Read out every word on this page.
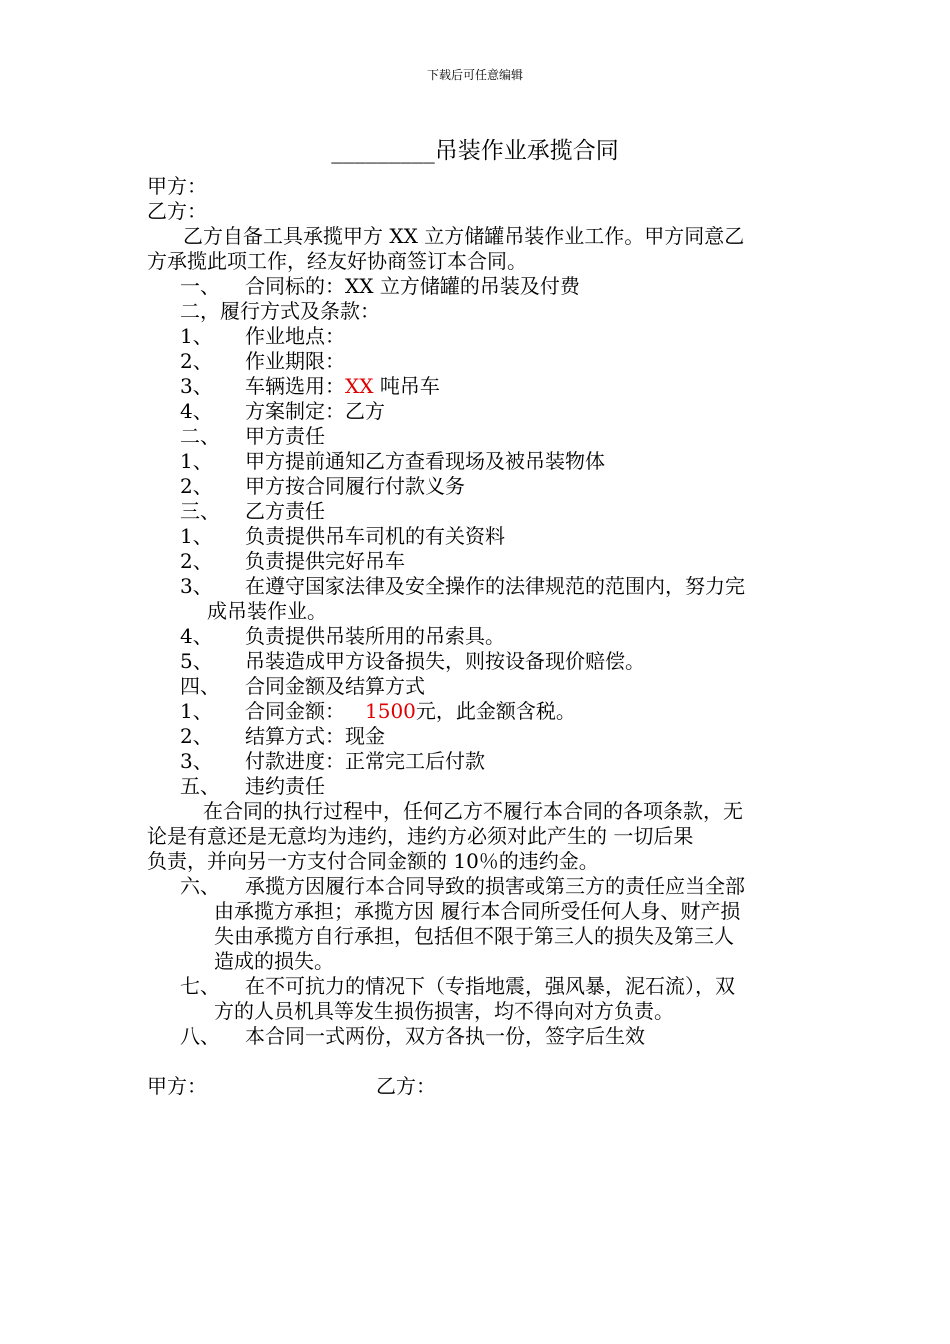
下载后可任意编辑
_________吊装作业承揽合同
甲方：
乙方：
乙方自备工具承揽甲方 XX 立方储罐吊装作业工作。甲方同意乙
方承揽此项工作，经友好协商签订本合同。
一、 合同标的：XX 立方储罐的吊装及付费
二，履行方式及条款：
1、 作业地点：
2、 作业期限：
3、 车辆选用：XX 吨吊车
4、 方案制定：乙方
二、 甲方责任
1、 甲方提前通知乙方查看现场及被吊装物体
2、 甲方按合同履行付款义务
三、 乙方责任
1、 负责提供吊车司机的有关资料
2、 负责提供完好吊车
3、 在遵守国家法律及安全操作的法律规范的范围内，努力完
成吊装作业。
4、 负责提供吊装所用的吊索具。
5、 吊装造成甲方设备损失，则按设备现价赔偿。
四、 合同金额及结算方式
1、 合同金额： 1500元，此金额含税。
2、 结算方式：现金
3、 付款进度：正常完工后付款
五、 违约责任
在合同的执行过程中，任何乙方不履行本合同的各项条款，无
论是有意还是无意均为违约，违约方必须对此产生的 一切后果
负责，并向另一方支付合同金额的 10％的违约金。
六、 承揽方因履行本合同导致的损害或第三方的责任应当全部
由承揽方承担；承揽方因 履行本合同所受任何人身、财产损
失由承揽方自行承担，包括但不限于第三人的损失及第三人
造成的损失。
七、 在不可抗力的情况下（专指地震，强风暴，泥石流），双
方的人员机具等发生损伤损害，均不得向对方负责。
八、 本合同一式两份，双方各执一份，签字后生效
甲方：	乙方：
